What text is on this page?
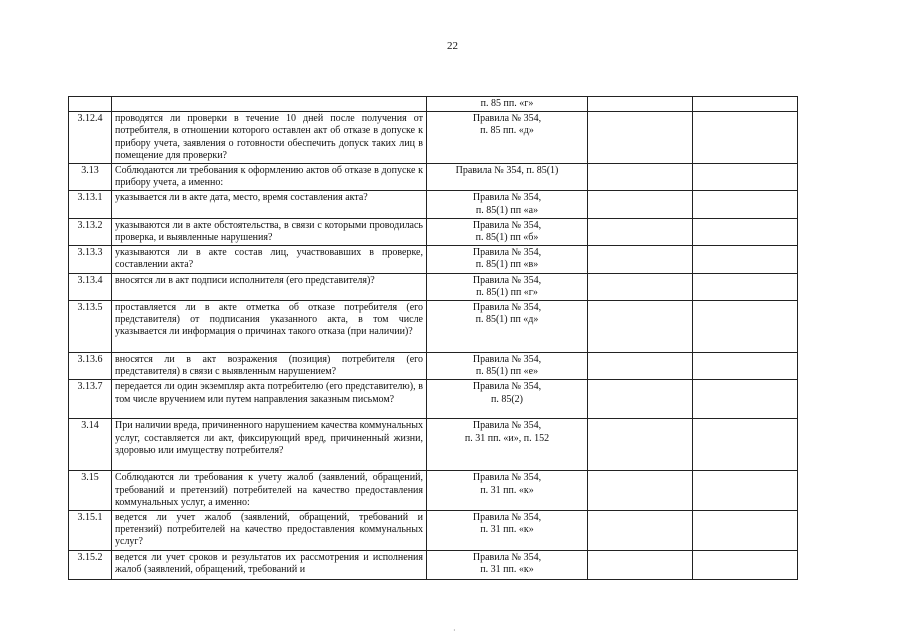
22

		п. 85 пп. «г»		

3.12.4	проводятся ли проверки в течение 10 дней после получения от потребителя, в отношении которого оставлен акт об отказе в допуске к прибору учета, заявления о готовности обеспечить допуск таких лиц в помещение для проверки?	Правила № 354,
п. 85 пп. «д»		

3.13	Соблюдаются ли требования к оформлению актов об отказе в допуске к прибору учета, а именно:	Правила № 354, п. 85(1)		

3.13.1	указывается ли в акте дата, место, время составления акта?	Правила № 354,
п. 85(1) пп «а»		

3.13.2	указываются ли в акте обстоятельства, в связи с которыми проводилась проверка, и выявленные нарушения?	Правила № 354,
п. 85(1) пп «б»		

3.13.3	указываются ли в акте состав лиц, участвовавших в проверке, составлении акта?	Правила № 354,
п. 85(1) пп «в»		

3.13.4	вносятся ли в акт подписи исполнителя (его представителя)?	Правила № 354,
п. 85(1) пп «г»		

3.13.5	проставляется ли в акте отметка об отказе потребителя (его представителя) от подписания указанного акта, в том числе указывается ли информация о причинах такого отказа (при наличии)?	Правила № 354,
п. 85(1) пп «д»		

3.13.6	вносятся ли в акт возражения (позиция) потребителя (его представителя) в связи с выявленным нарушением?	Правила № 354,
п. 85(1) пп «е»		

3.13.7	передается ли один экземпляр акта потребителю (его представителю), в том числе вручением или путем направления заказным письмом?	Правила № 354,
п. 85(2)		

3.14	При наличии вреда, причиненного нарушением качества коммунальных услуг, составляется ли акт, фиксирующий вред, причиненный жизни, здоровью или имуществу потребителя?	Правила № 354,
п. 31 пп. «и», п. 152		

3.15	Соблюдаются ли требования к учету жалоб (заявлений, обращений, требований и претензий) потребителей на качество предоставления коммунальных услуг, а именно:	Правила № 354,
п. 31 пп. «к»		

3.15.1	ведется ли учет жалоб (заявлений, обращений, требований и претензий) потребителей на качество предоставления коммунальных услуг?	Правила № 354,
п. 31 пп. «к»		

3.15.2	ведется ли учет сроков и результатов их рассмотрения и исполнения жалоб (заявлений, обращений, требований и	Правила № 354,
п. 31 пп. «к»		

·
